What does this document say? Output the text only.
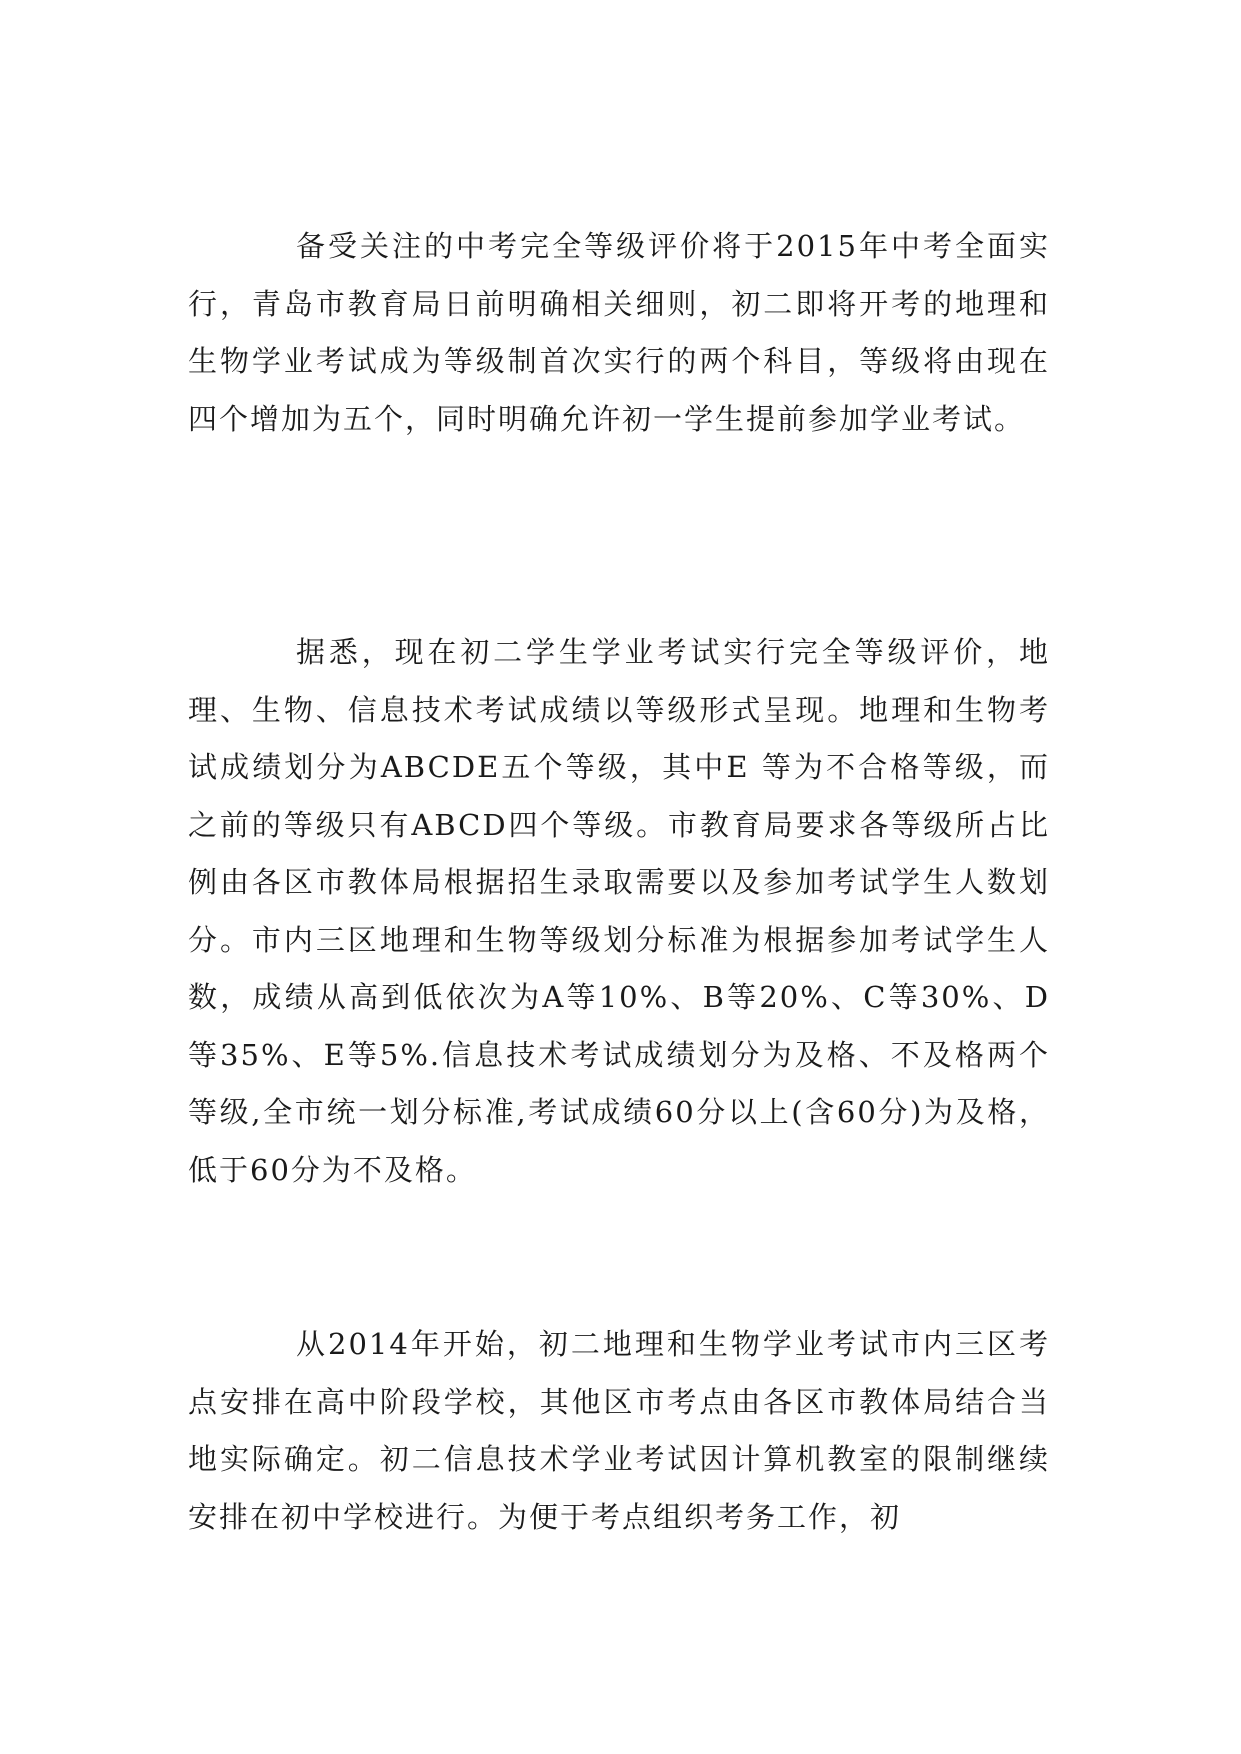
备受关注的中考完全等级评价将于2015年中考全面实行，青岛市教育局日前明确相关细则，初二即将开考的地理和生物学业考试成为等级制首次实行的两个科目，等级将由现在四个增加为五个，同时明确允许初一学生提前参加学业考试。

据悉，现在初二学生学业考试实行完全等级评价，地理、生物、信息技术考试成绩以等级形式呈现。地理和生物考试成绩划分为ABCDE五个等级，其中E 等为不合格等级，而之前的等级只有ABCD四个等级。市教育局要求各等级所占比例由各区市教体局根据招生录取需要以及参加考试学生人数划分。市内三区地理和生物等级划分标准为根据参加考试学生人数，成绩从高到低依次为A等10%、B等20%、C等30%、D等35%、E等5%.信息技术考试成绩划分为及格、不及格两个等级,全市统一划分标准,考试成绩60分以上(含60分)为及格，低于60分为不及格。

从2014年开始，初二地理和生物学业考试市内三区考点安排在高中阶段学校，其他区市考点由各区市教体局结合当地实际确定。初二信息技术学业考试因计算机教室的限制继续安排在初中学校进行。为便于考点组织考务工作，初
